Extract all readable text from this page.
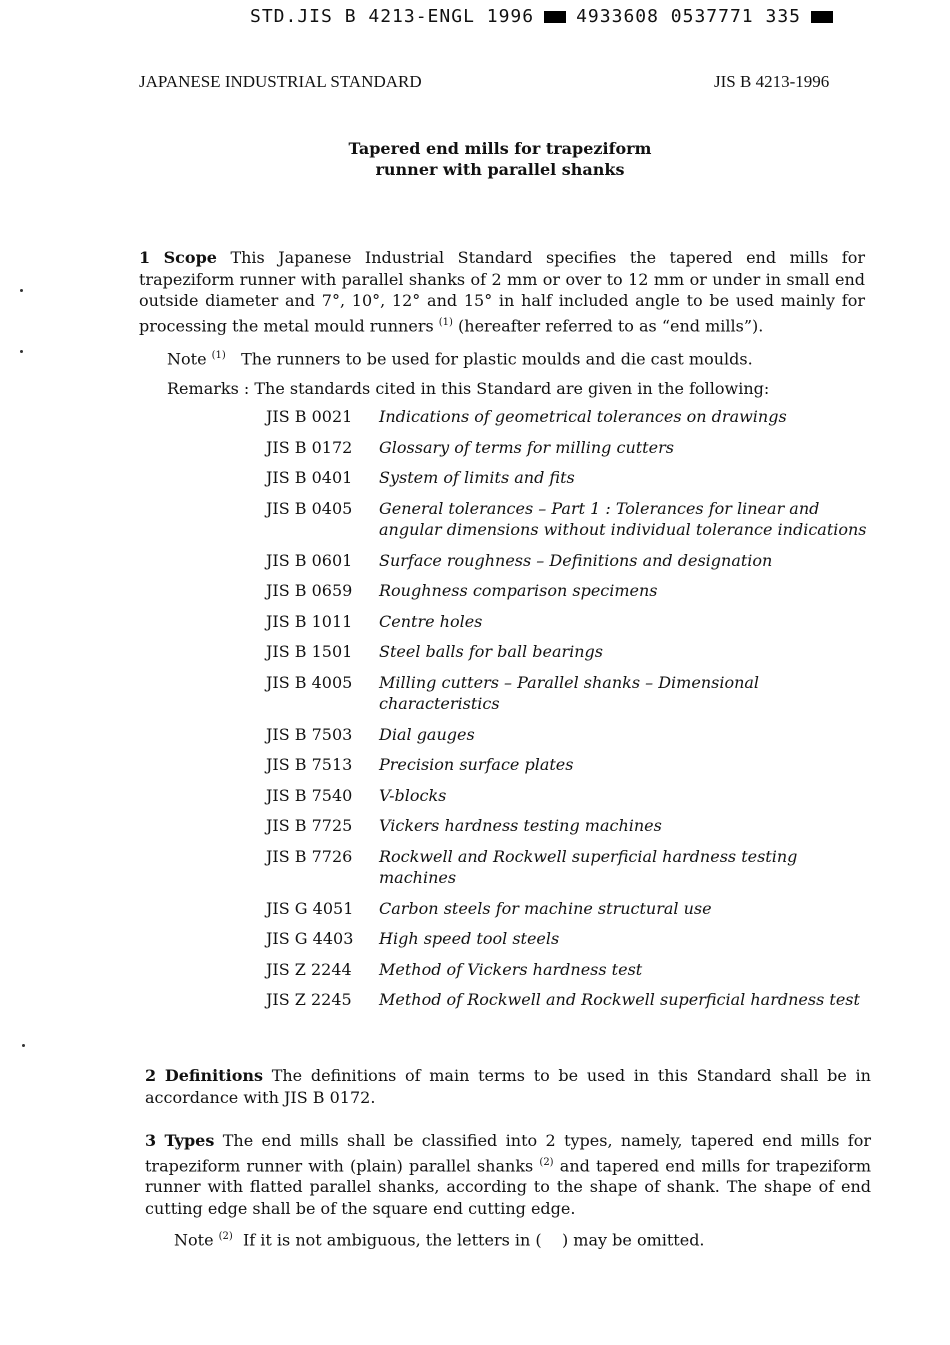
STD.JIS B 4213-ENGL 1996 4933608 0537771 335
JAPANESE INDUSTRIAL STANDARD	JIS B 4213-1996
Tapered end mills for trapeziform
runner with parallel shanks
1 Scope This Japanese Industrial Standard specifies the tapered end mills for trapeziform runner with parallel shanks of 2 mm or over to 12 mm or under in small end outside diameter and 7°, 10°, 12° and 15° in half included angle to be used mainly for processing the metal mould runners $^{(1)}$ (hereafter referred to as “end mills”).
Note $^{(1)}$ The runners to be used for plastic moulds and die cast moulds.
Remarks : The standards cited in this Standard are given in the following:
JIS B 0021	Indications of geometrical tolerances on drawings
JIS B 0172	Glossary of terms for milling cutters
JIS B 0401	System of limits and fits
JIS B 0405	General tolerances – Part 1 : Tolerances for linear and angular dimensions without individual tolerance indications
JIS B 0601	Surface roughness – Definitions and designation
JIS B 0659	Roughness comparison specimens
JIS B 1011	Centre holes
JIS B 1501	Steel balls for ball bearings
JIS B 4005	Milling cutters – Parallel shanks – Dimensional characteristics
JIS B 7503	Dial gauges
JIS B 7513	Precision surface plates
JIS B 7540	V-blocks
JIS B 7725	Vickers hardness testing machines
JIS B 7726	Rockwell and Rockwell superficial hardness testing machines
JIS G 4051	Carbon steels for machine structural use
JIS G 4403	High speed tool steels
JIS Z 2244	Method of Vickers hardness test
JIS Z 2245	Method of Rockwell and Rockwell superficial hardness test
2 Definitions The definitions of main terms to be used in this Standard shall be in accordance with JIS B 0172.
3 Types The end mills shall be classified into 2 types, namely, tapered end mills for trapeziform runner with (plain) parallel shanks $^{(2)}$ and tapered end mills for trapeziform runner with flatted parallel shanks, according to the shape of shank. The shape of end cutting edge shall be of the square end cutting edge.
Note $^{(2)}$ If it is not ambiguous, the letters in (    ) may be omitted.
